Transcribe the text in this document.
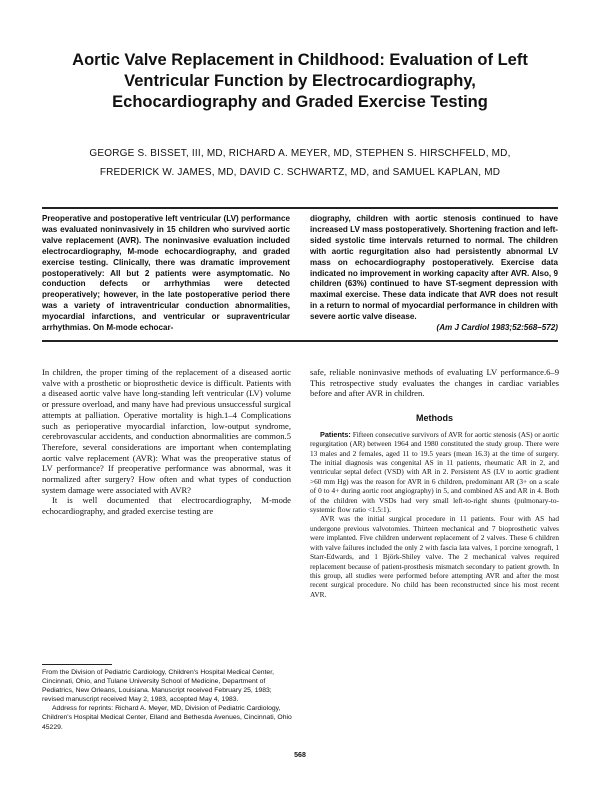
Aortic Valve Replacement in Childhood: Evaluation of Left Ventricular Function by Electrocardiography, Echocardiography and Graded Exercise Testing
GEORGE S. BISSET, III, MD, RICHARD A. MEYER, MD, STEPHEN S. HIRSCHFELD, MD,
FREDERICK W. JAMES, MD, DAVID C. SCHWARTZ, MD, and SAMUEL KAPLAN, MD

Preoperative and postoperative left ventricular (LV) performance was evaluated noninvasively in 15 children who survived aortic valve replacement (AVR). The noninvasive evaluation included electrocardiography, M-mode echocardiography, and graded exercise testing. Clinically, there was dramatic improvement postoperatively: All but 2 patients were asymptomatic. No conduction defects or arrhythmias were detected preoperatively; however, in the late postoperative period there was a variety of intraventricular conduction abnormalities, myocardial infarctions, and ventricular or supraventricular arrhythmias. On M-mode echocar-

diography, children with aortic stenosis continued to have increased LV mass postoperatively. Shortening fraction and left-sided systolic time intervals returned to normal. The children with aortic regurgitation also had persistently abnormal LV mass on echocardiography postoperatively. Exercise data indicated no improvement in working capacity after AVR. Also, 9 children (63%) continued to have ST-segment depression with maximal exercise. These data indicate that AVR does not result in a return to normal of myocardial performance in children with severe aortic valve disease.
(Am J Cardiol 1983;52:568–572)

In children, the proper timing of the replacement of a diseased aortic valve with a prosthetic or bioprosthetic device is difficult. Patients with a diseased aortic valve have long-standing left ventricular (LV) volume or pressure overload, and many have had previous unsuccessful surgical attempts at palliation. Operative mortality is high.1–4 Complications such as perioperative myocardial infarction, low-output syndrome, cerebrovascular accidents, and conduction abnormalities are common.5 Therefore, several considerations are important when contemplating aortic valve replacement (AVR): What was the preoperative status of LV performance? If preoperative performance was abnormal, was it normalized after surgery? How often and what types of conduction system damage were associated with AVR?

It is well documented that electrocardiography, M-mode echocardiography, and graded exercise testing are

safe, reliable noninvasive methods of evaluating LV performance.6–9 This retrospective study evaluates the changes in cardiac variables before and after AVR in children.

Methods

Patients: Fifteen consecutive survivors of AVR for aortic stenosis (AS) or aortic regurgitation (AR) between 1964 and 1980 constituted the study group. There were 13 males and 2 females, aged 11 to 19.5 years (mean 16.3) at the time of surgery. The initial diagnosis was congenital AS in 11 patients, rheumatic AR in 2, and ventricular septal defect (VSD) with AR in 2. Persistent AS (LV to aortic gradient >60 mm Hg) was the reason for AVR in 6 children, predominant AR (3+ on a scale of 0 to 4+ during aortic root angiography) in 5, and combined AS and AR in 4. Both of the children with VSDs had very small left-to-right shunts (pulmonary-to-systemic flow ratio <1.5:1).

AVR was the initial surgical procedure in 11 patients. Four with AS had undergone previous valvotomies. Thirteen mechanical and 7 bioprosthetic valves were implanted. Five children underwent replacement of 2 valves. These 6 children with valve failures included the only 2 with fascia lata valves, 1 porcine xenograft, 1 Starr-Edwards, and 1 Björk-Shiley valve. The 2 mechanical valves required replacement because of patient-prosthesis mismatch secondary to patient growth. In this group, all studies were performed before attempting AVR and after the most recent surgical procedure. No child has been reconstructed since his most recent AVR.

From the Division of Pediatric Cardiology, Children's Hospital Medical Center, Cincinnati, Ohio, and Tulane University School of Medicine, Department of Pediatrics, New Orleans, Louisiana. Manuscript received February 25, 1983; revised manuscript received May 2, 1983, accepted May 4, 1983.

Address for reprints: Richard A. Meyer, MD, Division of Pediatric Cardiology, Children's Hospital Medical Center, Elland and Bethesda Avenues, Cincinnati, Ohio 45229.

568
